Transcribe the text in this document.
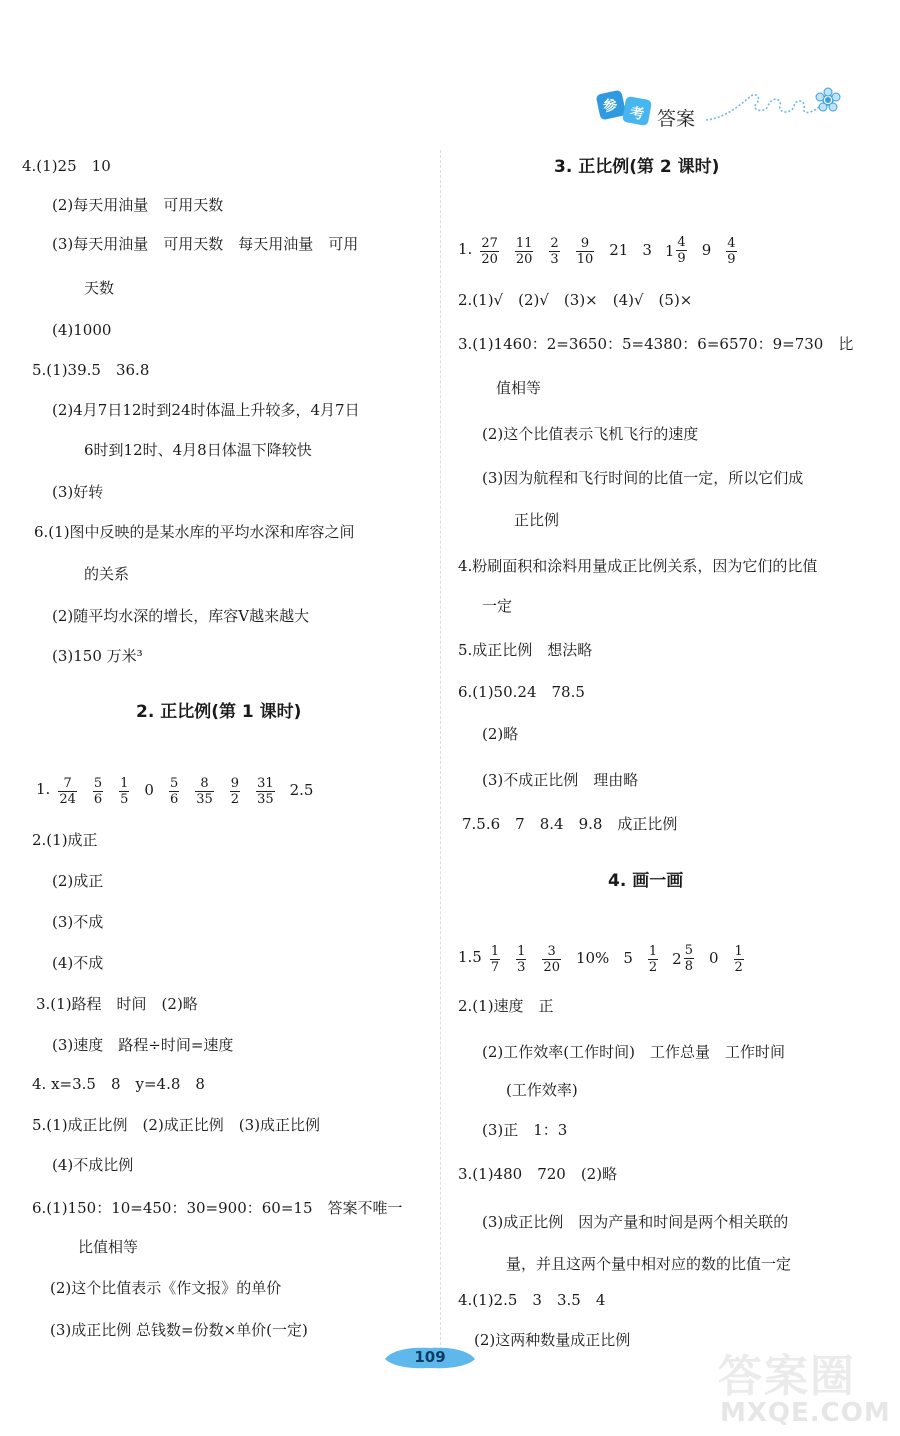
参 考 答案
4.(1)25　10
(2)每天用油量　可用天数
(3)每天用油量　可用天数　每天用油量　可用
天数
(4)1000
5.(1)39.5　36.8
(2)4月7日12时到24时体温上升较多，4月7日
6时到12时、4月8日体温下降较快
(3)好转
6.(1)图中反映的是某水库的平均水深和库容之间
的关系
(2)随平均水深的增长，库容V越来越大
(3)150 万米³
2. 正比例(第 1 课时)
1. $\frac{7}{24} \frac{5}{6} \frac{1}{5} 0 \frac{5}{6} \frac{8}{35} \frac{9}{2} \frac{31}{35} 2.5$
2.(1)成正
(2)成正
(3)不成
(4)不成
3.(1)路程　时间　(2)略
(3)速度　路程÷时间=速度
4. x=3.5　8　y=4.8　8
5.(1)成正比例　(2)成正比例　(3)成正比例
(4)不成比例
6.(1)150：10=450：30=900：60=15　答案不唯一
比值相等
(2)这个比值表示《作文报》的单价
(3)成正比例 总钱数=份数×单价(一定)
3. 正比例(第 2 课时)
1. $\frac{27}{20} \frac{11}{20} \frac{2}{3} \frac{9}{10} 21$ 3 $1 \frac{4}{9} 9 \frac{4}{9}$
2.(1)√　(2)√　(3)×　(4)√　(5)×
3.(1)1460：2=3650：5=4380：6=6570：9=730　比
值相等
(2)这个比值表示飞机飞行的速度
(3)因为航程和飞行时间的比值一定，所以它们成
正比例
4.粉刷面积和涂料用量成正比例关系，因为它们的比值
一定
5.成正比例　想法略
6.(1)50.24　78.5
(2)略
(3)不成正比例　理由略
7.5.6　7　8.4　9.8　成正比例
4. 画一画
$1.5 \frac{1}{7} \frac{1}{3} \frac{3}{20} 10\%$ $5 \frac{1}{2} 2 \frac{5}{8} 0 \frac{1}{2}$
2.(1)速度　正
(2)工作效率(工作时间)　工作总量　工作时间
(工作效率)
(3)正　1：3
3.(1)480　720　(2)略
(3)成正比例　因为产量和时间是两个相关联的
量，并且这两个量中相对应的数的比值一定
4.(1)2.5　3　3.5　4
(2)这两种数量成正比例
109	答案圈
MXQE.COM
